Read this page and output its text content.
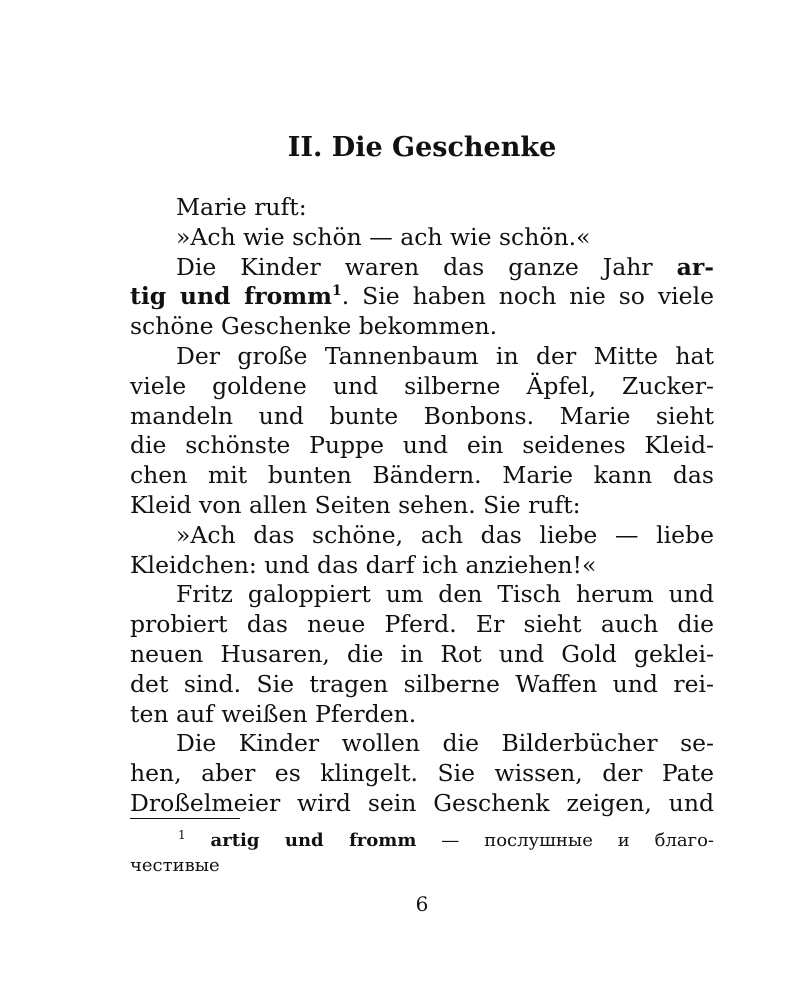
II. Die Geschenke
Marie ruft:
»Ach wie schön — ach wie schön.«
Die Kinder waren das ganze Jahr ar-
tig und fromm$^1$. Sie haben noch nie so viele
schöne Geschenke bekommen.
Der große Tannenbaum in der Mitte hat
viele goldene und silberne Äpfel, Zucker-
mandeln und bunte Bonbons. Marie sieht
die schönste Puppe und ein seidenes Kleid-
chen mit bunten Bändern. Marie kann das
Kleid von allen Seiten sehen. Sie ruft:
»Ach das schöne, ach das liebe — liebe
Kleidchen: und das darf ich anziehen!«
Fritz galoppiert um den Tisch herum und
probiert das neue Pferd. Er sieht auch die
neuen Husaren, die in Rot und Gold geklei-
det sind. Sie tragen silberne Waffen und rei-
ten auf weißen Pferden.
Die Kinder wollen die Bilderbücher se-
hen, aber es klingelt. Sie wissen, der Pate
Droßelmeier wird sein Geschenk zeigen, und
$^1$ artig und fromm — послушные и благо-
честивые
6
